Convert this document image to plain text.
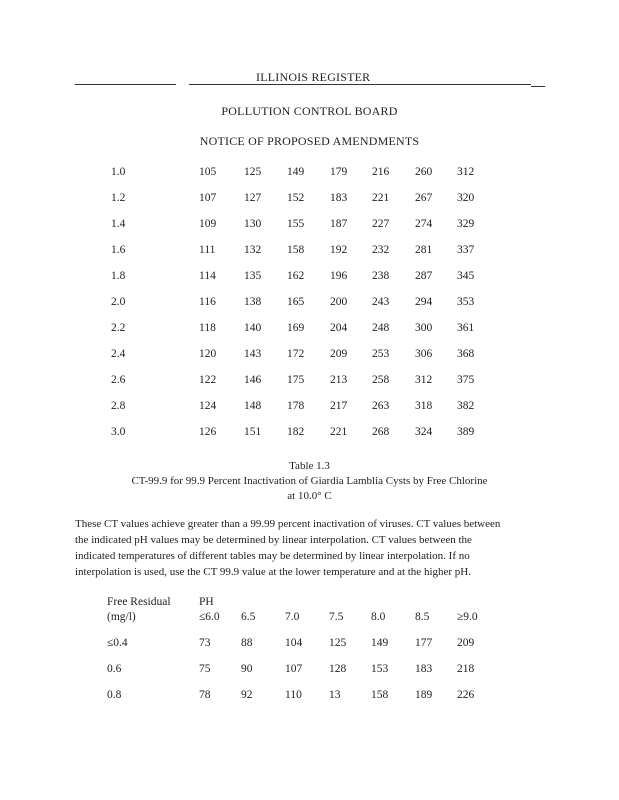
ILLINOIS REGISTER
POLLUTION CONTROL BOARD
NOTICE OF PROPOSED AMENDMENTS
1.0	105 125 149 179 216 260 312
1.2	107 127 152 183 221 267 320
1.4	109 130 155 187 227 274 329
1.6	111 132 158 192 232 281 337
1.8	114 135 162 196 238 287 345
2.0	116 138 165 200 243 294 353
2.2	118 140 169 204 248 300 361
2.4	120 143 172 209 253 306 368
2.6	122 146 175 213 258 312 375
2.8	124 148 178 217 263 318 382
3.0	126 151 182 221 268 324 389
Table 1.3
CT-99.9 for 99.9 Percent Inactivation of Giardia Lamblia Cysts by Free Chlorine
at 10.0° C
These CT values achieve greater than a 99.99 percent inactivation of viruses. CT values between
the indicated pH values may be determined by linear interpolation. CT values between the
indicated temperatures of different tables may be determined by linear interpolation. If no
interpolation is used, use the CT 99.9 value at the lower temperature and at the higher pH.
Free Residual
(mg/l)
PH
≤6.0 6.5	7.0	7.5 8.0	8.5 ≥9.0
≤0.4	73	88	104 125 149 177 209
0.6	75	90	107 128 153 183 218
0.8	78	92	110 13	158 189 226
